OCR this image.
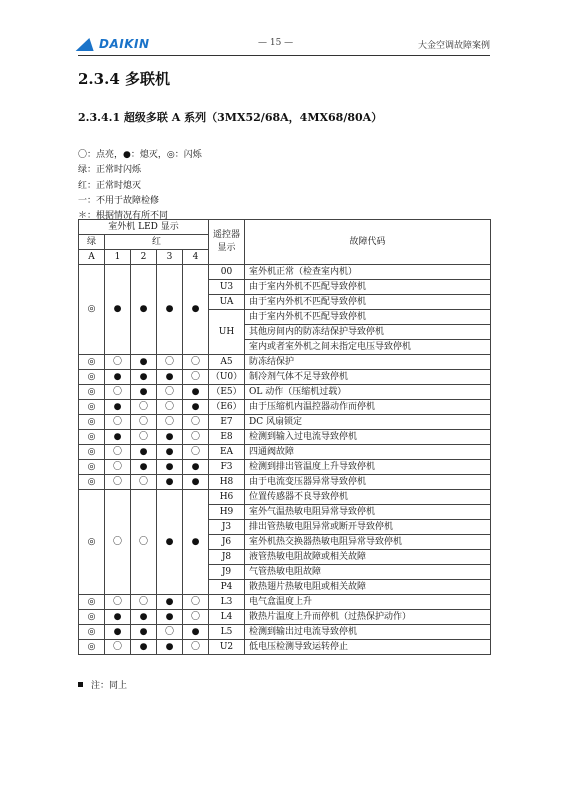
DAIKIN	— 15 —	大金空调故障案例
2.3.4 多联机
2.3.4.1 超级多联 A 系列（3MX52/68A，4MX68/80A）
〇：点亮，●：熄灭，◎：闪烁
绿：正常时闪烁
红：正常时熄灭
一：不用于故障检修
＊：根据情况有所不同
室外机 LED 显示					遥控器显示	故障代码
绿	红					
A	1	2	3	4		
◎	●	●	●	●	00	室外机正常（检查室内机）
					U3	由于室内外机不匹配导致停机
					UA	由于室内外机不匹配导致停机
					UH	由于室内外机不匹配导致停机
						其他房间内的防冻结保护导致停机
						室内或者室外机之间未指定电压导致停机
◎	〇	●	〇	〇	A5	防冻结保护
◎	●	●	●	〇	（U0）	制冷剂气体不足导致停机
◎	〇	●	〇	●	（E5）	OL 动作（压缩机过载）
◎	●	〇	〇	●	（E6）	由于压缩机内温控器动作而停机
◎	〇	〇	〇	〇	E7	DC 风扇锁定
◎	●	〇	●	〇	E8	检测到输入过电流导致停机
◎	〇	●	●	〇	EA	四通阀故障
◎	〇	●	●	●	F3	检测到排出管温度上升导致停机
◎	〇	〇	●	●	H8	由于电流变压器异常导致停机
◎	〇	〇	●	●	H6	位置传感器不良导致停机
					H9	室外气温热敏电阻异常导致停机
					J3	排出管热敏电阻异常或断开导致停机
					J6	室外机热交换器热敏电阻异常导致停机
					J8	液管热敏电阻故障或相关故障
					J9	气管热敏电阻故障
					P4	散热翅片热敏电阻或相关故障
◎	〇	〇	●	〇	L3	电气盒温度上升
◎	●	●	●	〇	L4	散热片温度上升而停机（过热保护动作）
◎	●	●	〇	●	L5	检测到输出过电流导致停机
◎	〇	●	●	〇	U2	低电压检测导致运转停止
注：同上
